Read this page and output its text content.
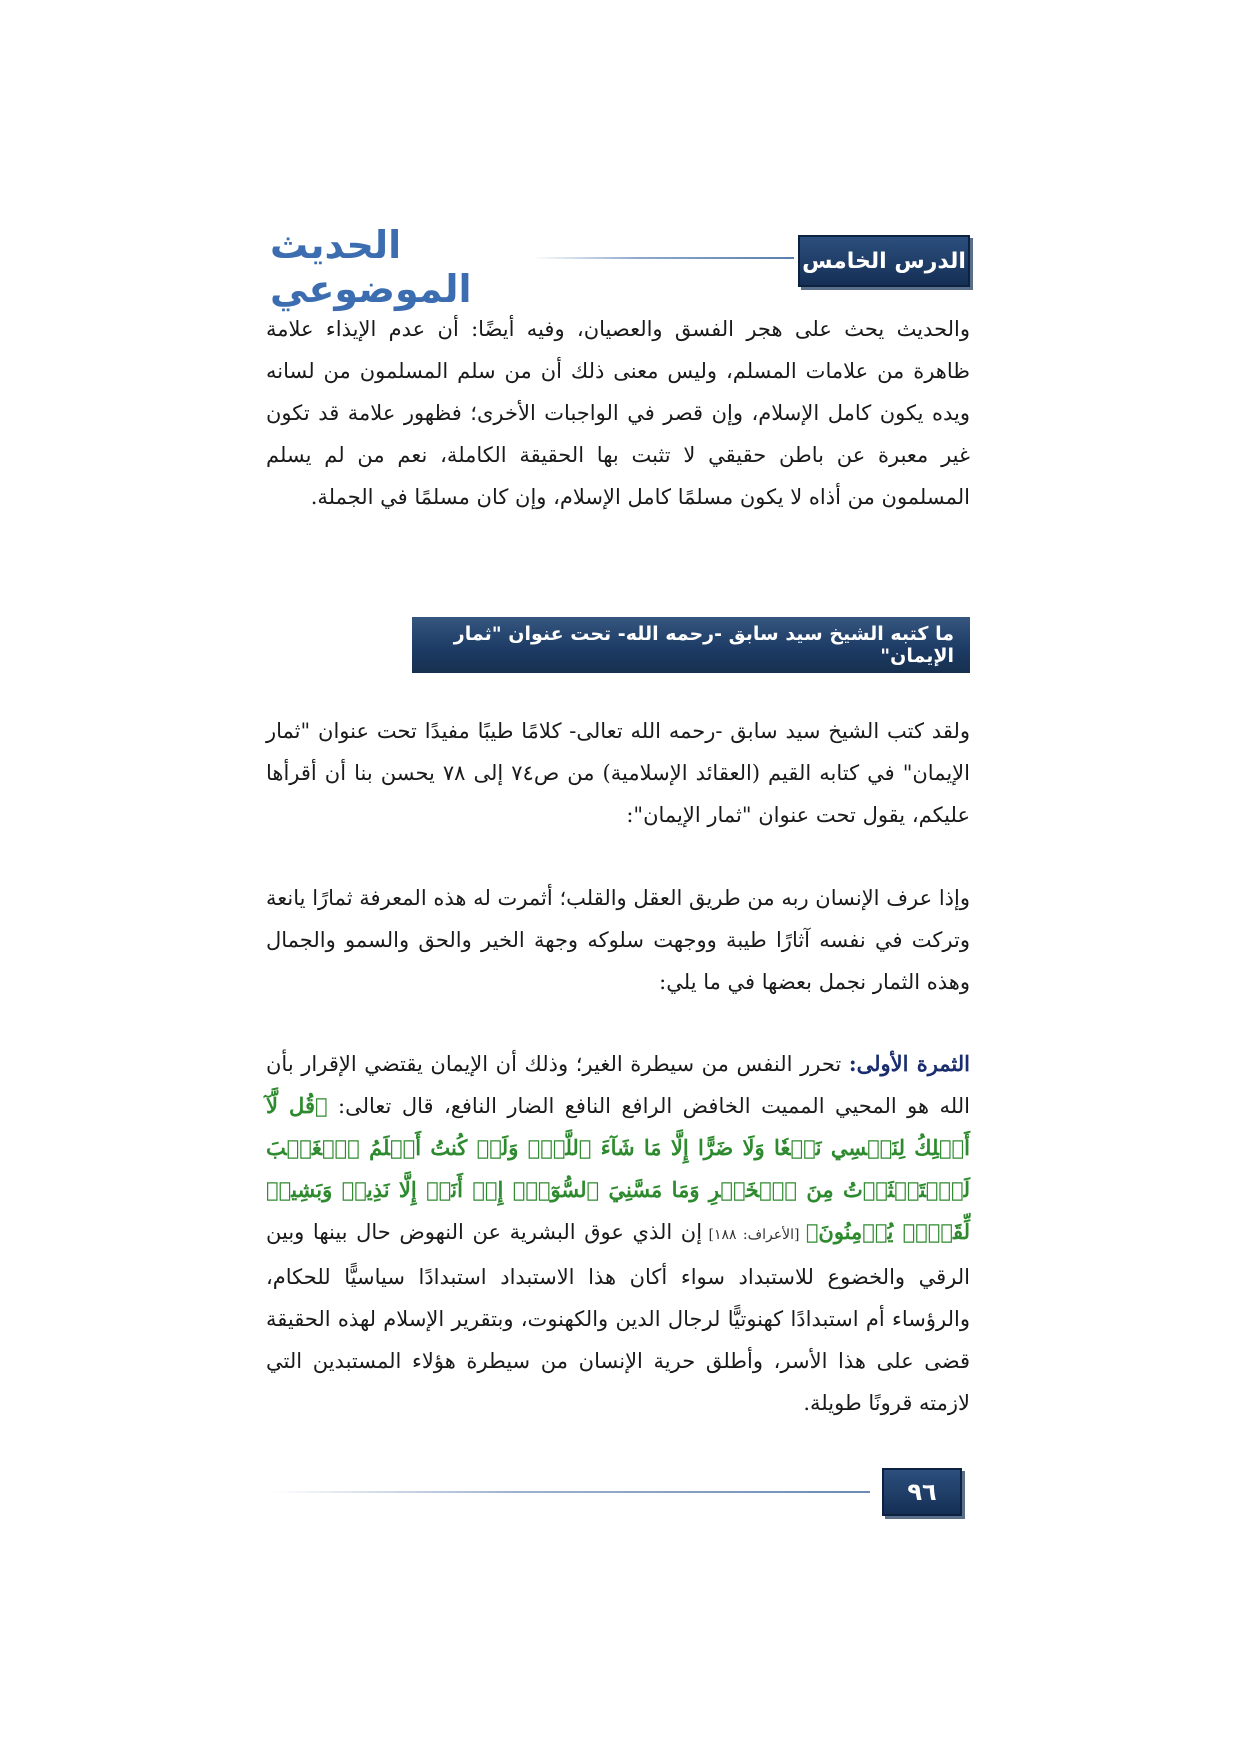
الحديث الموضوعي
الدرس الخامس

والحديث يحث على هجر الفسق والعصيان، وفيه أيضًا: أن عدم الإيذاء علامة ظاهرة من علامات المسلم، وليس معنى ذلك أن من سلم المسلمون من لسانه ويده يكون كامل الإسلام، وإن قصر في الواجبات الأخرى؛ فظهور علامة قد تكون غير معبرة عن باطن حقيقي لا تثبت بها الحقيقة الكاملة، نعم من لم يسلم المسلمون من أذاه لا يكون مسلمًا كامل الإسلام، وإن كان مسلمًا في الجملة.

ما كتبه الشيخ سيد سابق -رحمه الله- تحت عنوان "ثمار الإيمان"

ولقد كتب الشيخ سيد سابق -رحمه الله تعالى- كلامًا طيبًا مفيدًا تحت عنوان "ثمار الإيمان" في كتابه القيم (العقائد الإسلامية) من ص٧٤ إلى ٧٨ يحسن بنا أن أقرأها عليكم، يقول تحت عنوان "ثمار الإيمان":

وإذا عرف الإنسان ربه من طريق العقل والقلب؛ أثمرت له هذه المعرفة ثمارًا يانعة وتركت في نفسه آثارًا طيبة ووجهت سلوكه وجهة الخير والحق والسمو والجمال وهذه الثمار نجمل بعضها في ما يلي:

الثمرة الأولى: تحرر النفس من سيطرة الغير؛ وذلك أن الإيمان يقتضي الإقرار بأن الله هو المحيي المميت الخافض الرافع النافع الضار النافع، قال تعالى: ﴿قُل لَّآ أَمۡلِكُ لِنَفۡسِي نَفۡعٗا وَلَا ضَرًّا إِلَّا مَا شَآءَ ٱللَّهُۚ وَلَوۡ كُنتُ أَعۡلَمُ ٱلۡغَيۡبَ لَٱسۡتَكۡثَرۡتُ مِنَ ٱلۡخَيۡرِ وَمَا مَسَّنِيَ ٱلسُّوٓءُۚ إِنۡ أَنَا۠ إِلَّا نَذِيرٞ وَبَشِيرٞ لِّقَوۡمٖ يُؤۡمِنُونَ﴾ [الأعراف: ١٨٨] إن الذي عوق البشرية عن النهوض حال بينها وبين الرقي والخضوع للاستبداد سواء أكان هذا الاستبداد استبدادًا سياسيًّا للحكام، والرؤساء أم استبدادًا كهنوتيًّا لرجال الدين والكهنوت، وبتقرير الإسلام لهذه الحقيقة قضى على هذا الأسر، وأطلق حرية الإنسان من سيطرة هؤلاء المستبدين التي لازمته قرونًا طويلة.

٩٦
